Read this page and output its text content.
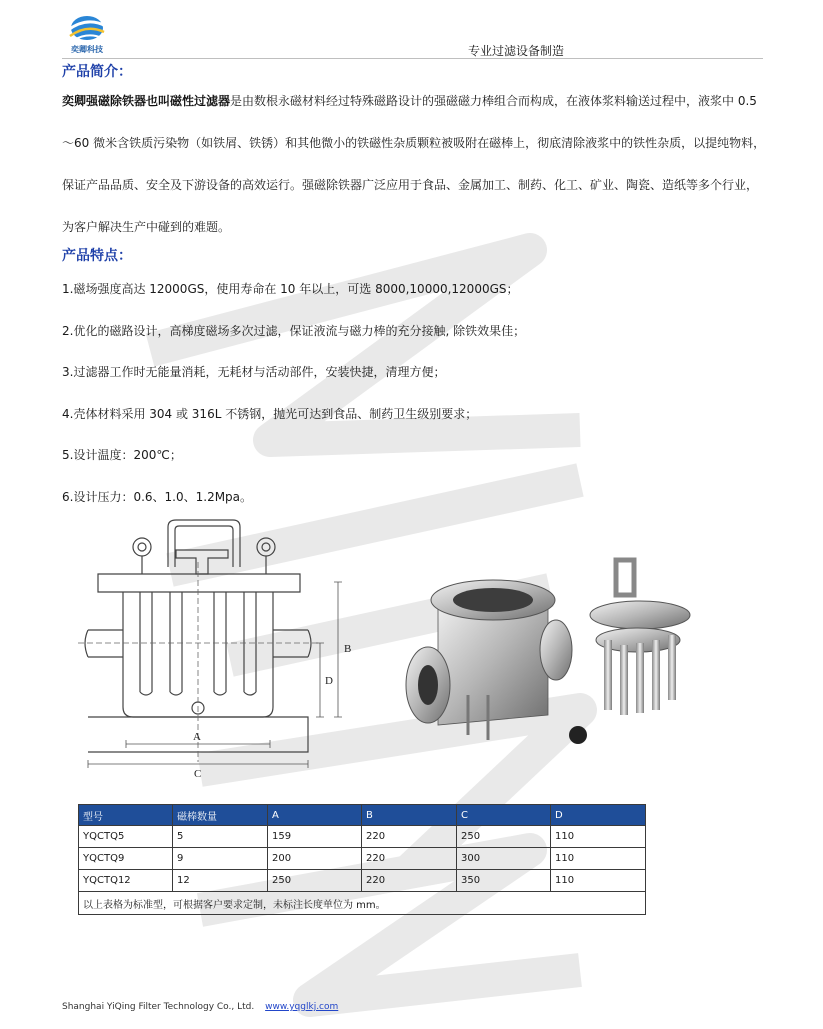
奕卿科技	专业过滤设备制造
产品简介：
奕卿强磁除铁器也叫磁性过滤器是由数根永磁材料经过特殊磁路设计的强磁磁力棒组合而构成，在液体浆料输送过程中，液浆中 0.5～60 微米含铁质污染物（如铁屑、铁锈）和其他微小的铁磁性杂质颗粒被吸附在磁棒上，彻底清除液浆中的铁性杂质，以提纯物料，保证产品品质、安全及下游设备的高效运行。强磁除铁器广泛应用于食品、金属加工、制药、化工、矿业、陶瓷、造纸等多个行业，为客户解决生产中碰到的难题。
产品特点：
1.磁场强度高达 12000GS，使用寿命在 10 年以上，可选 8000,10000,12000GS；
2.优化的磁路设计，高梯度磁场多次过滤，保证液流与磁力棒的充分接触, 除铁效果佳；
3.过滤器工作时无能量消耗，无耗材与活动部件，安装快捷，清理方便；
4.壳体材料采用 304 或 316L 不锈钢，抛光可达到食品、制药卫生级别要求；
5.设计温度：200℃；
6.设计压力：0.6、1.0、1.2Mpa。
A
C
B
D
型号	磁棒数量	A	B	C	D
YQCTQ5	5	159	220	250	110
YQCTQ9	9	200	220	300	110
YQCTQ12	12	250	220	350	110
以上表格为标准型，可根据客户要求定制，未标注长度单位为 mm。					
Shanghai YiQing Filter Technology Co., Ltd. www.yqglkj.com
